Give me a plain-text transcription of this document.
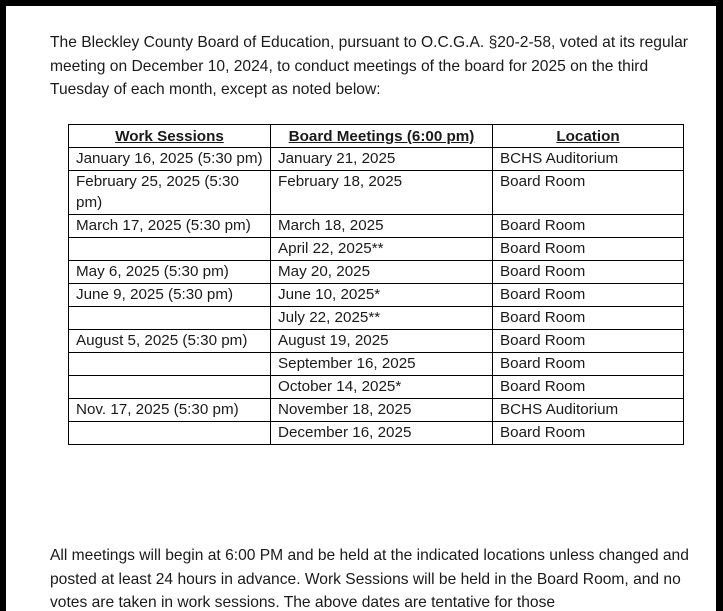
The Bleckley County Board of Education, pursuant to O.C.G.A. §20-2-58, voted at its regular meeting on December 10, 2024, to conduct meetings of the board for 2025 on the third Tuesday of each month, except as noted below:

Work Sessions	Board Meetings (6:00 pm)	Location
January 16, 2025 (5:30 pm)	January 21, 2025	BCHS Auditorium
February 25, 2025 (5:30 pm)	February 18, 2025	Board Room
March 17, 2025 (5:30 pm)	March 18, 2025	Board Room
	April 22, 2025**	Board Room
May 6, 2025 (5:30 pm)	May 20, 2025	Board Room
June 9, 2025 (5:30 pm)	June 10, 2025*	Board Room
	July 22, 2025**	Board Room
August 5, 2025 (5:30 pm)	August 19, 2025	Board Room
	September 16, 2025	Board Room
	October 14, 2025*	Board Room
Nov. 17, 2025 (5:30 pm)	November 18, 2025	BCHS Auditorium
	December 16, 2025	Board Room

All meetings will begin at 6:00 PM and be held at the indicated locations unless changed and posted at least 24 hours in advance. Work Sessions will be held in the Board Room, and no votes are taken in work sessions. The above dates are tentative for those
